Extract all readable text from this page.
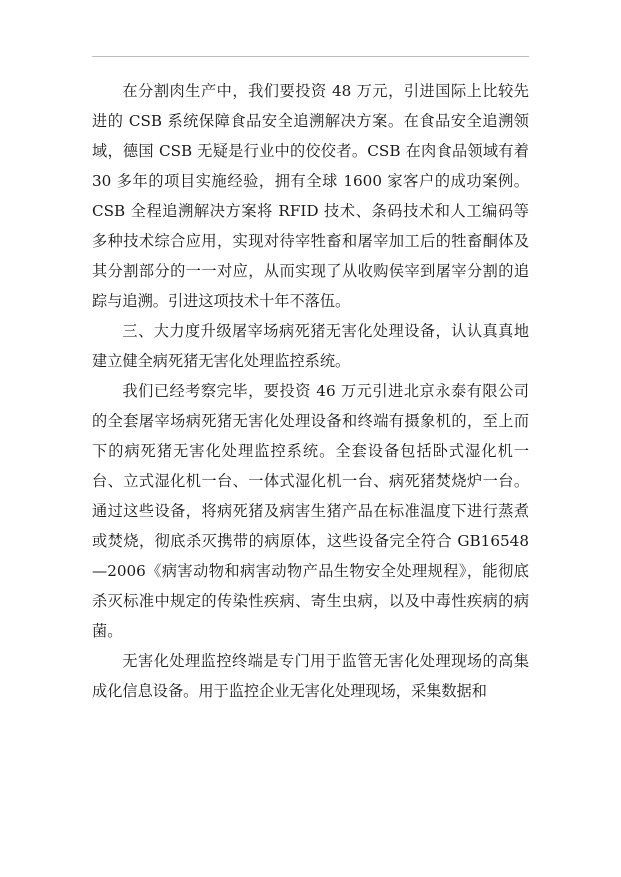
在分割肉生产中，我们要投资 48 万元，引进国际上比较先进的 CSB 系统保障食品安全追溯解决方案。在食品安全追溯领域，德国 CSB 无疑是行业中的佼佼者。CSB 在肉食品领域有着 30 多年的项目实施经验，拥有全球 1600 家客户的成功案例。CSB 全程追溯解决方案将 RFID 技术、条码技术和人工编码等多种技术综合应用，实现对待宰牲畜和屠宰加工后的牲畜酮体及其分割部分的一一对应，从而实现了从收购侯宰到屠宰分割的追踪与追溯。引进这项技术十年不落伍。

三、大力度升级屠宰场病死猪无害化处理设备，认认真真地建立健全病死猪无害化处理监控系统。

我们已经考察完毕，要投资 46 万元引进北京永泰有限公司的全套屠宰场病死猪无害化处理设备和终端有摄象机的，至上而下的病死猪无害化处理监控系统。全套设备包括卧式湿化机一台、立式湿化机一台、一体式湿化机一台、病死猪焚烧炉一台。通过这些设备，将病死猪及病害生猪产品在标准温度下进行蒸煮或焚烧，彻底杀灭携带的病原体，这些设备完全符合 GB16548—2006《病害动物和病害动物产品生物安全处理规程》，能彻底杀灭标准中规定的传染性疾病、寄生虫病，以及中毒性疾病的病菌。

无害化处理监控终端是专门用于监管无害化处理现场的高集成化信息设备。用于监控企业无害化处理现场，采集数据和
